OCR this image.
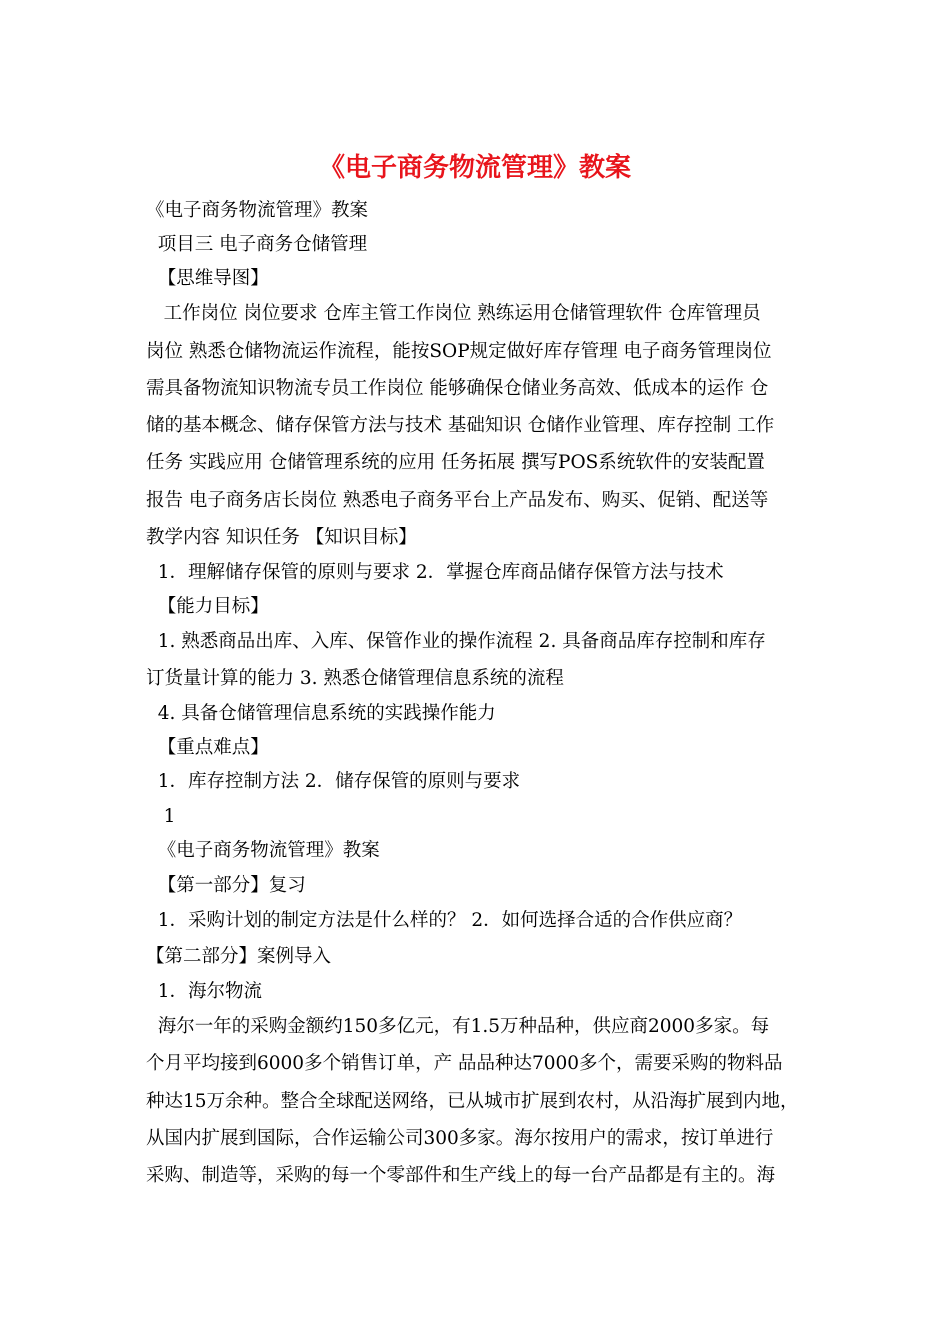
《电子商务物流管理》教案
《电子商务物流管理》教案
项目三 电子商务仓储管理
【思维导图】
工作岗位 岗位要求 仓库主管工作岗位 熟练运用仓储管理软件 仓库管理员
岗位 熟悉仓储物流运作流程，能按SOP规定做好库存管理 电子商务管理岗位
需具备物流知识物流专员工作岗位 能够确保仓储业务高效、低成本的运作 仓
储的基本概念、储存保管方法与技术 基础知识 仓储作业管理、库存控制 工作
任务 实践应用 仓储管理系统的应用 任务拓展 撰写POS系统软件的安装配置
报告 电子商务店长岗位 熟悉电子商务平台上产品发布、购买、促销、配送等
教学内容 知识任务 【知识目标】
1．理解储存保管的原则与要求 2．掌握仓库商品储存保管方法与技术
【能力目标】
1. 熟悉商品出库、入库、保管作业的操作流程 2. 具备商品库存控制和库存
订货量计算的能力 3. 熟悉仓储管理信息系统的流程
4. 具备仓储管理信息系统的实践操作能力
【重点难点】
1．库存控制方法 2．储存保管的原则与要求
1
《电子商务物流管理》教案
【第一部分】复习
1．采购计划的制定方法是什么样的？ 2．如何选择合适的合作供应商？
【第二部分】案例导入
1．海尔物流
海尔一年的采购金额约150多亿元，有1.5万种品种，供应商2000多家。每
个月平均接到6000多个销售订单，产 品品种达7000多个，需要采购的物料品
种达15万余种。整合全球配送网络，已从城市扩展到农村，从沿海扩展到内地，
从国内扩展到国际，合作运输公司300多家。海尔按用户的需求，按订单进行
采购、制造等，采购的每一个零部件和生产线上的每一台产品都是有主的。海
